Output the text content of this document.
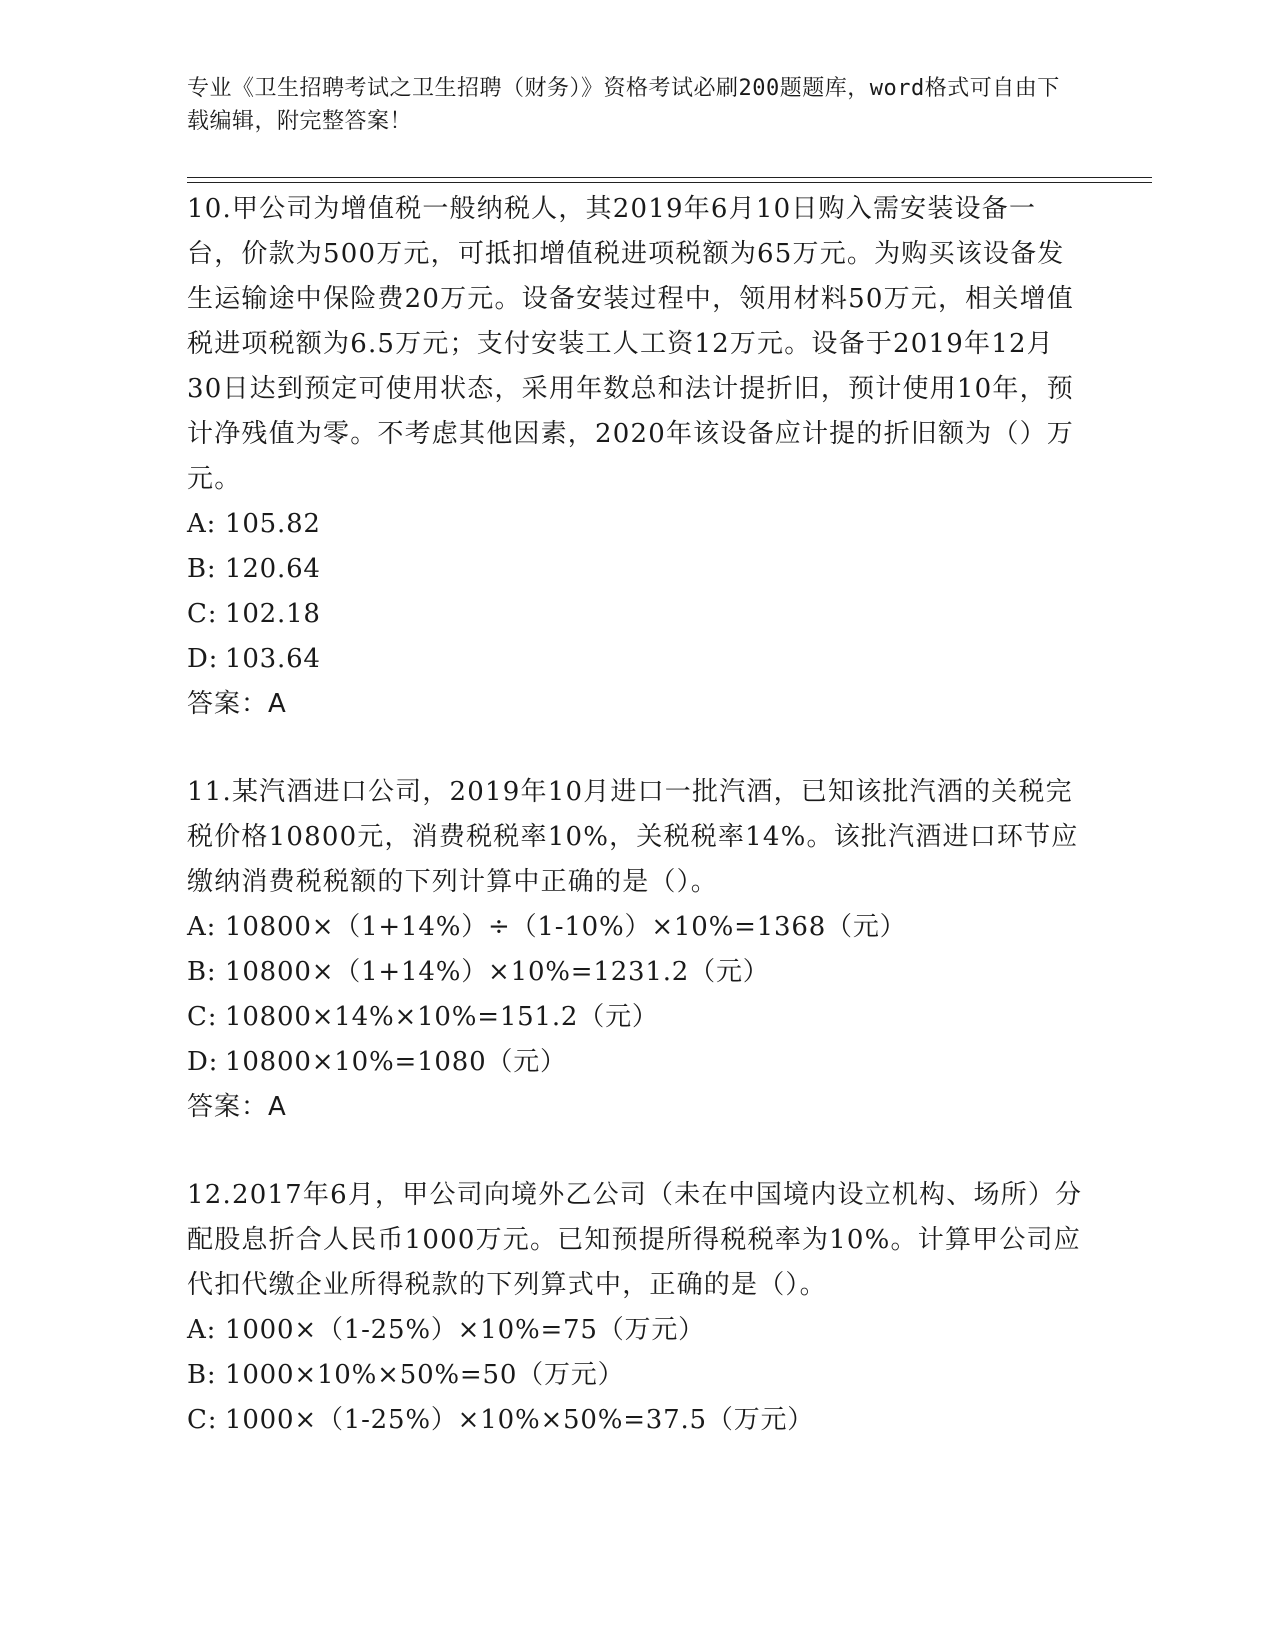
专业《卫生招聘考试之卫生招聘（财务）》资格考试必刷200题题库，word格式可自由下载编辑，附完整答案！

10.甲公司为增值税一般纳税人，其2019年6月10日购入需安装设备一台，价款为500万元，可抵扣增值税进项税额为65万元。为购买该设备发生运输途中保险费20万元。设备安装过程中，领用材料50万元，相关增值税进项税额为6.5万元；支付安装工人工资12万元。设备于2019年12月30日达到预定可使用状态，采用年数总和法计提折旧，预计使用10年，预计净残值为零。不考虑其他因素，2020年该设备应计提的折旧额为（）万元。

A: 105.82

B: 120.64

C: 102.18

D: 103.64

答案：A

11.某汽酒进口公司，2019年10月进口一批汽酒，已知该批汽酒的关税完税价格10800元，消费税税率10%，关税税率14%。该批汽酒进口环节应缴纳消费税税额的下列计算中正确的是（）。

A: 10800×（1+14%）÷（1-10%）×10%=1368（元）

B: 10800×（1+14%）×10%=1231.2（元）

C: 10800×14%×10%=151.2（元）

D: 10800×10%=1080（元）

答案：A

12.2017年6月，甲公司向境外乙公司（未在中国境内设立机构、场所）分配股息折合人民币1000万元。已知预提所得税税率为10%。计算甲公司应代扣代缴企业所得税款的下列算式中，正确的是（）。

A: 1000×（1-25%）×10%=75（万元）

B: 1000×10%×50%=50（万元）

C: 1000×（1-25%）×10%×50%=37.5（万元）
